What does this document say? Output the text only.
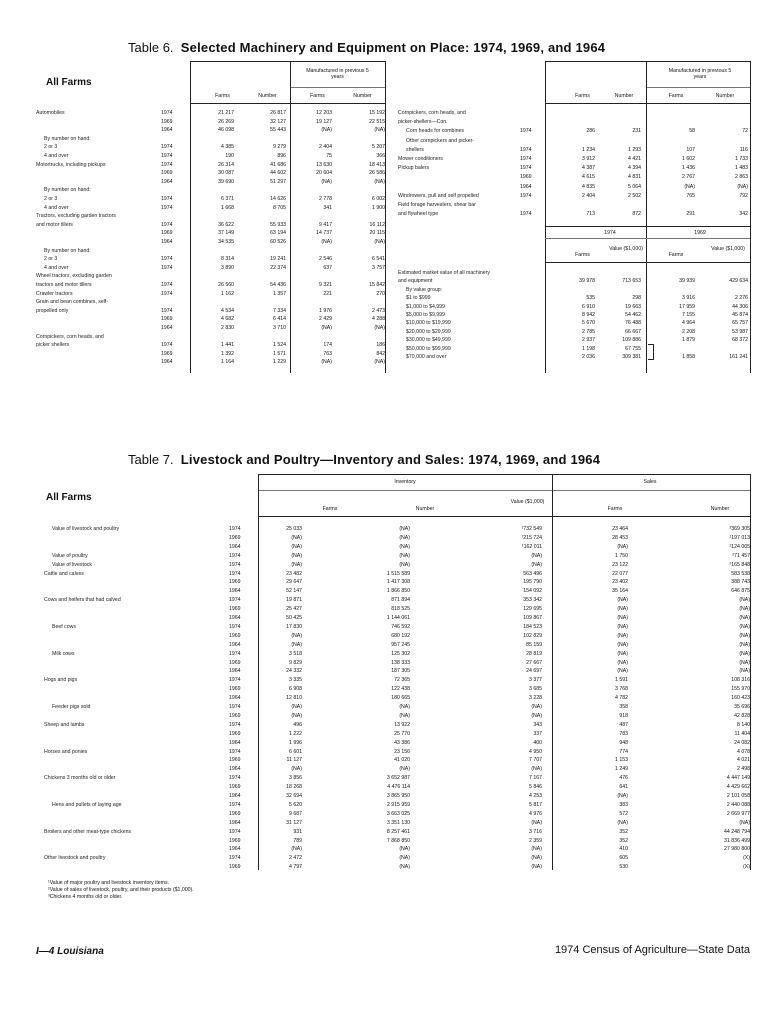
Table 6. Selected Machinery and Equipment on Place: 1974, 1969, and 1964
All Farms
Farms	Number
Manufactured in previous 5 years
Farms	Number	Farms	Number
Manufactured in previous 5 years
Farms	Number
1974	1969
Farms
Value ($1,000)
Farms
Value ($1,000)
Automobiles	1974	21 217	26 817	12 203	15 192
1969	26 269	32 127	19 127	22 515
1964	46 098	55 443	(NA)	(NA)
By number on hand:
2 or 3	1974	4 385	9 279	2 404	5 207
4 and over	1974	190	896	75	366
Motortrucks, including pickups	1974	26 314	41 686	13 630	18 413
1969	30 087	44 602	20 604	26 586
1964	39 690	51 297	(NA)	(NA)
By number on hand:
2 or 3	1974	6 371	14 626	2 778	6 002
4 and over	1974	1 668	8 705	341	1 900
Tractors, excluding garden tractors
and motor tillers	1974	36 622	55 933	9 417	16 112
1969	37 149	63 194	14 737	20 115
1964	34 535	60 526	(NA)	(NA)
By number on hand:
2 or 3	1974	8 314	19 241	2 546	6 541
4 and over	1974	3 890	22 374	637	3 757
Wheel tractors, excluding garden
tractors and motor tillers	1974	26 560	54 436	9 321	15 842
Crawler tractors	1974	1 162	1 357	221	270
Grain and bean combines, self-
propelled only	1974	4 534	7 334	1 976	2 473
1969	4 682	6 414	2 429	4 288
1964	2 830	3 710	(NA)	(NA)
Cornpickers, corn heads, and
picker shellers	1974	1 441	1 524	174	186
1969	1 392	1 571	763	842
1964	1 164	1 229	(NA)	(NA)
Cornpickers, corn heads, and
picker-shellers—Con.
Corn heads for combines	1974	286	231	58	72
Other cornpickers and picker-
shellers	1974	1 234	1 293	107	116
Mower conditioners	1974	3 912	4 421	1 602	1 733
Pickup balers	1974	4 387	4 394	1 436	1 483
1969	4 615	4 831	2 767	2 863
1964	4 835	5 064	(NA)	(NA)
Windrowers, pull and self propelled	1974	2 404	2 502	765	792
Field forage harvesters, shear bar
and flywheel type	1974	713	872	291	342
Estimated market value of all machinery
and equipment	39 978	713 653	39 939	429 634
By value group:
$1 to $999	535	298	3 916	2 276
$1,000 to $4,999	6 910	19 663	17 959	44 306
$5,000 to $9,999	8 942	54 462	7 155	45 874
$10,000 to $19,999	5 670	76 488	4 964	65 757
$20,000 to $29,999	2 785	66 667	2 208	53 987
$30,000 to $49,999	2 937	109 886	1 879	68 372
$50,000 to $99,999	1 198	67 755
$70,000 and over	2 036	309 381	1 858	161 241
Table 7. Livestock and Poultry—Inventory and Sales: 1974, 1969, and 1964
All Farms
Inventory	Sales
Farms	Number
Value ($1,000)
Farms	Number
Value of livestock and poultry	1974	25 033	(NA)	¹732 549	23 464	²369 305
1969	(NA)	(NA)	¹215 724	28 453	²197 013
1964	(NA)	(NA)	¹162 011	(NA)	²124 005
Value of poultry	1974	(NA)	(NA)	(NA)	1 750	²71 457
Value of livestock	1974	(NA)	(NA)	(NA)	23 122	²165 848
Cattle and calves	1974	23 482	1 515 589	563 496	22 077	583 538
1969	29 647	1 417 308	195 790	23 402	388 743
1964	52 147	1 866 850	154 092	35 164	646 875
Cows and heifers that had calved	1974	19 871	871 894	353 342	(NA)	(NA)
1969	25 427	818 525	129 695	(NA)	(NA)
1964	50 425	1 144 061	109 867	(NA)	(NA)
Beef cows	1974	17 830	746 592	184 523	(NA)	(NA)
1969	(NA)	680 192	102 829	(NA)	(NA)
1964	(NA)	957 245	85 159	(NA)	(NA)
Milk cows	1974	3 518	125 302	28 819	(NA)	(NA)
1969	9 829	138 333	27 667	(NA)	(NA)
1964	24 332	187 305	24 697	(NA)	(NA)
Hogs and pigs	1974	3 335	72 365	3 377	1 591	108 316
1969	6 908	122 438	3 685	3 768	155 970
1964	12 810	180 665	3 228	4 782	160 423
Feeder pigs sold	1974	(NA)	(NA)	(NA)	358	35 696
1969	(NA)	(NA)	(NA)	918	42 828
Sheep and lambs	1974	496	13 922	343	487	8 140
1969	1 222	25 770	337	783	11 404
1964	1 996	43 386	400	948	24 082
Horses and ponies	1974	6 601	23 156	4 950	774	4 078
1969	11 127	41 020	7 707	1 153	4 021
1964	(NA)	(NA)	(NA)	1 249	2 498
Chickens 3 months old or older	1974	3 856	3 652 987	7 167	476	4 447 149
1969	18 268	4 476 114	5 846	641	4 429 662
1964	32 694	3 865 950	4 253	(NA)	2 101 058
Hens and pullets of laying age	1974	5 620	2 915 959	5 817	383	2 440 088
1969	9 687	3 663 025	4 976	572	2 669 977
1964	31 127	3 351 130	(NA)	(NA)	(NA)
Broilers and other meat-type chickens	1974	931	8 257 461	3 716	352	44 248 794
1969	789	7 868 850	2 359	352	31 836 499
1964	(NA)	(NA)	(NA)	410	27 980 800
Other livestock and poultry	1974	2 472	(NA)	(NA)	605	(X)
1969	4 797	(NA)	(NA)	530	(X)
¹Value of major poultry and livestock inventory items.
²Value of sales of livestock, poultry, and their products ($1,000).
³Chickens 4 months old or older.
I—4 Louisiana	1974 Census of Agriculture—State Data
